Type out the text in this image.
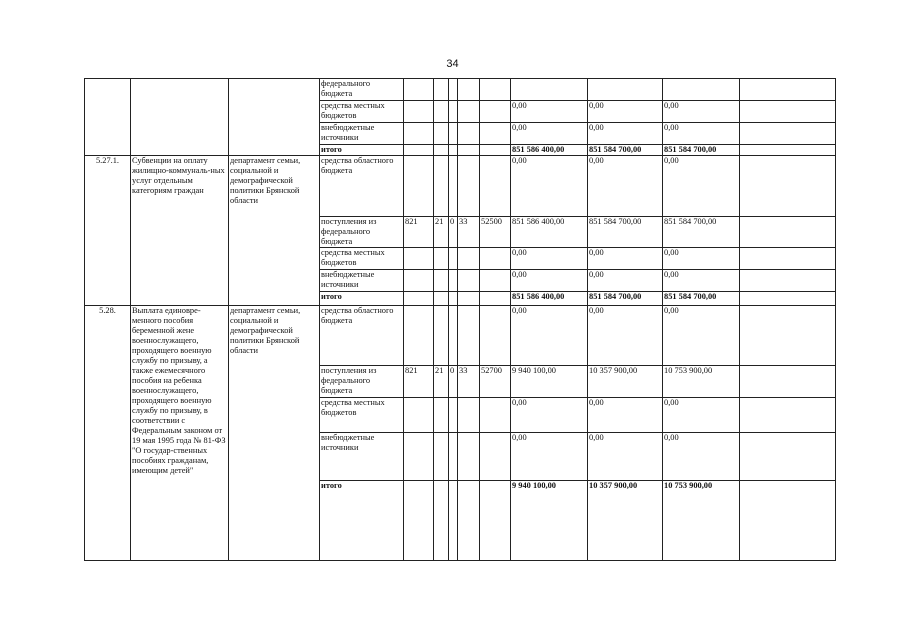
34
			федерального бюджета									
			средства местных бюджетов						0,00	0,00	0,00	
			внебюджетные источники						0,00	0,00	0,00	
			итого						851 586 400,00	851 584 700,00	851 584 700,00	
5.27.1.	Субвенции на оплату жилищно-коммуналь-ных услуг отдельным категориям граждан	департамент семьи, социальной и демографической политики Брянской области	средства областного бюджета						0,00	0,00	0,00	
			поступления из федерального бюджета	821	21	0	33	52500	851 586 400,00	851 584 700,00	851 584 700,00	
			средства местных бюджетов						0,00	0,00	0,00	
			внебюджетные источники						0,00	0,00	0,00	
			итого						851 586 400,00	851 584 700,00	851 584 700,00	
5.28.	Выплата единовре-менного пособия беременной жене военнослужащего, проходящего военную службу по призыву, а также ежемесячного пособия на ребенка военнослужащего, проходящего военную службу по призыву, в соответствии с Федеральным законом от 19 мая 1995 года № 81-ФЗ "О государ-ственных пособиях гражданам, имеющим детей"	департамент семьи, социальной и демографической политики Брянской области	средства областного бюджета						0,00	0,00	0,00	
			поступления из федерального бюджета	821	21	0	33	52700	9 940 100,00	10 357 900,00	10 753 900,00	
			средства местных бюджетов						0,00	0,00	0,00	
			внебюджетные источники						0,00	0,00	0,00	
			итого						9 940 100,00	10 357 900,00	10 753 900,00	
